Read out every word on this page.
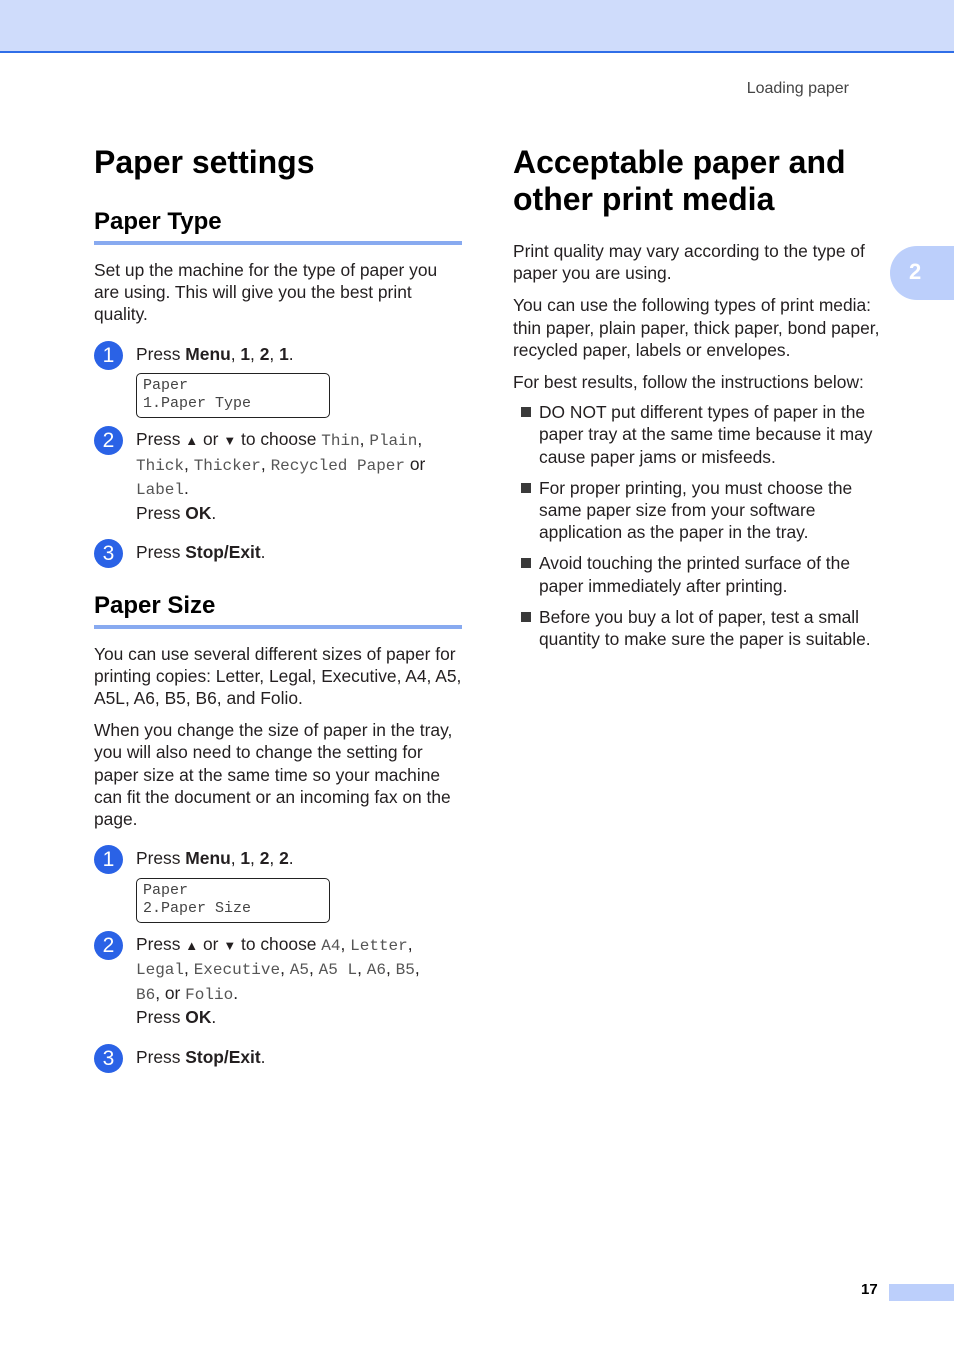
Loading paper
2
Paper settings
Paper Type

Set up the machine for the type of paper you are using. This will give you the best print quality.

1	Press Menu, 1, 2, 1.
Paper
1.Paper Type
2	Press ▲ or ▼ to choose Thin, Plain,
Thick, Thicker, Recycled Paper or
Label.
Press OK.
3	Press Stop/Exit.
Paper Size

You can use several different sizes of paper for printing copies: Letter, Legal, Executive, A4, A5, A5L, A6, B5, B6, and Folio.

When you change the size of paper in the tray, you will also need to change the setting for paper size at the same time so your machine can fit the document or an incoming fax on the page.

1	Press Menu, 1, 2, 2.
Paper
2.Paper Size
2	Press ▲ or ▼ to choose A4, Letter,
Legal, Executive, A5, A5 L, A6, B5,
B6, or Folio.
Press OK.
3	Press Stop/Exit.
Acceptable paper and other print media

Print quality may vary according to the type of paper you are using.

You can use the following types of print media: thin paper, plain paper, thick paper, bond paper, recycled paper, labels or envelopes.

For best results, follow the instructions below:

DO NOT put different types of paper in the paper tray at the same time because it may cause paper jams or misfeeds.
For proper printing, you must choose the same paper size from your software application as the paper in the tray.
Avoid touching the printed surface of the paper immediately after printing.
Before you buy a lot of paper, test a small quantity to make sure the paper is suitable.
17
